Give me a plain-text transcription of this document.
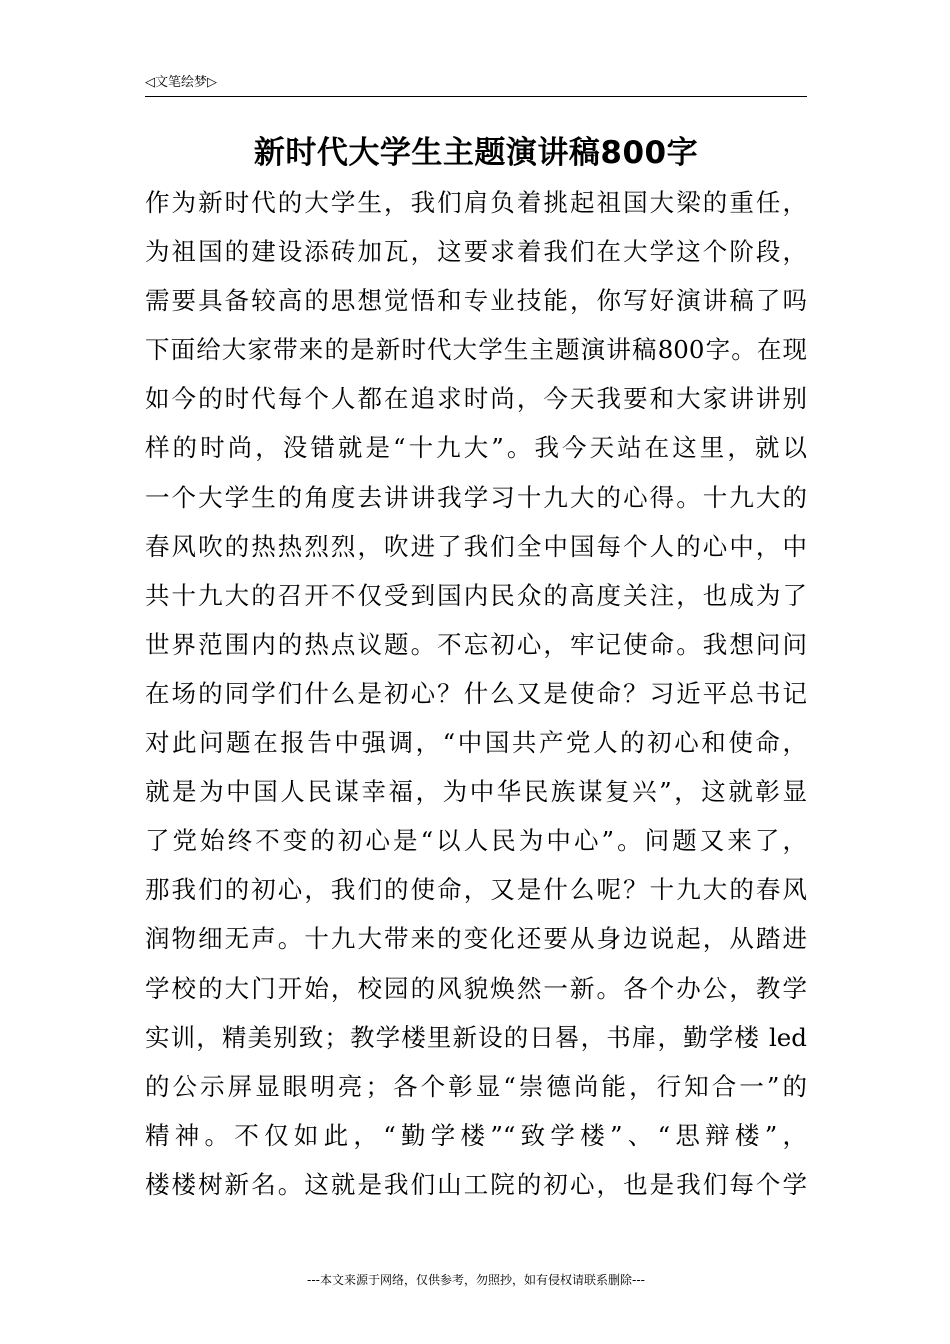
◁文笔绘梦▷
新时代大学生主题演讲稿800字
作为新时代的大学生，我们肩负着挑起祖国大梁的重任，
为祖国的建设添砖加瓦，这要求着我们在大学这个阶段，
需要具备较高的思想觉悟和专业技能，你写好演讲稿了吗
下面给大家带来的是新时代大学生主题演讲稿800字。在现
如今的时代每个人都在追求时尚，今天我要和大家讲讲别
样的时尚，没错就是“十九大”。我今天站在这里，就以
一个大学生的角度去讲讲我学习十九大的心得。十九大的
春风吹的热热烈烈，吹进了我们全中国每个人的心中，中
共十九大的召开不仅受到国内民众的高度关注，也成为了
世界范围内的热点议题。不忘初心，牢记使命。我想问问
在场的同学们什么是初心？什么又是使命？习近平总书记
对此问题在报告中强调，“中国共产党人的初心和使命，
就是为中国人民谋幸福，为中华民族谋复兴”，这就彰显
了党始终不变的初心是“以人民为中心”。问题又来了，
那我们的初心，我们的使命，又是什么呢？十九大的春风
润物细无声。十九大带来的变化还要从身边说起，从踏进
学校的大门开始，校园的风貌焕然一新。各个办公，教学
实训，精美别致；教学楼里新设的日晷，书扉，勤学楼 led
的公示屏显眼明亮；各个彰显“崇德尚能，行知合一”的
精神。不仅如此，“勤学楼”“致学楼”、“思辩楼”，
楼楼树新名。这就是我们山工院的初心，也是我们每个学
---本文来源于网络，仅供参考，勿照抄，如有侵权请联系删除---
